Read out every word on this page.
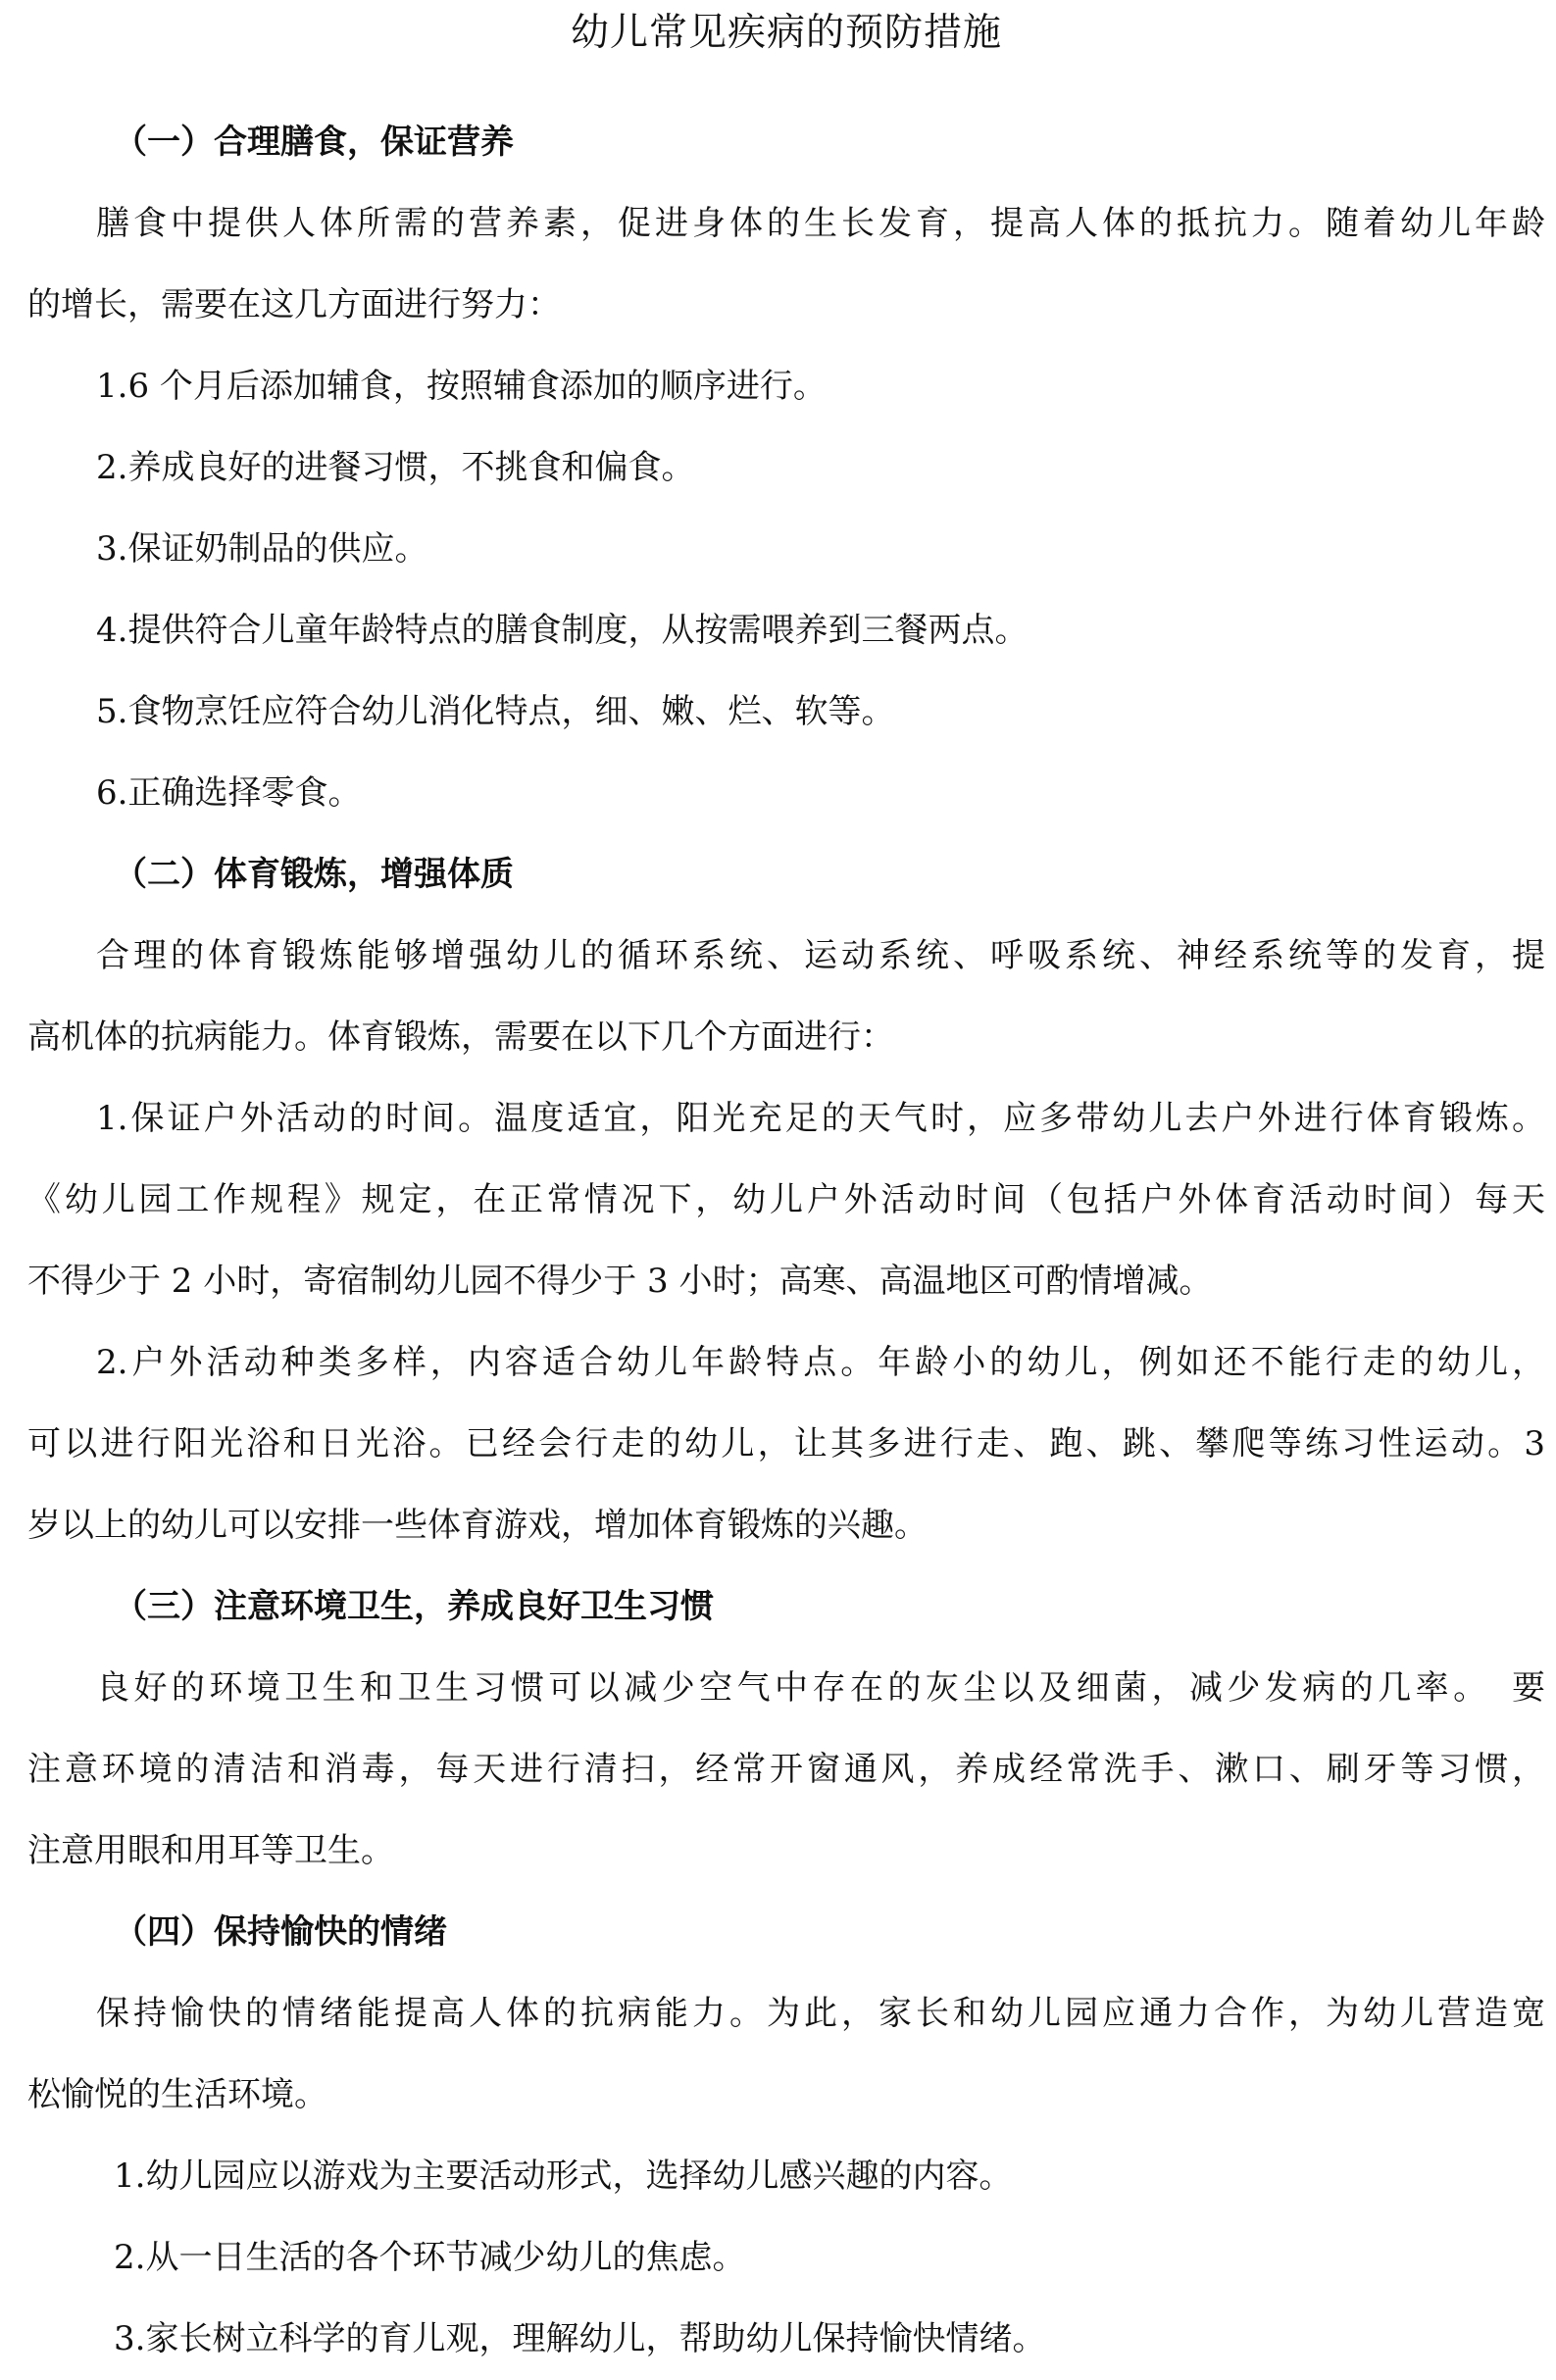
幼儿常见疾病的预防措施

（一）合理膳食，保证营养

膳食中提供人体所需的营养素，促进身体的生长发育，提高人体的抵抗力。随着幼儿年龄

的增长，需要在这几方面进行努力：

1.6 个月后添加辅食，按照辅食添加的顺序进行。

2.养成良好的进餐习惯，不挑食和偏食。

3.保证奶制品的供应。

4.提供符合儿童年龄特点的膳食制度，从按需喂养到三餐两点。

5.食物烹饪应符合幼儿消化特点，细、嫩、烂、软等。

6.正确选择零食。

（二）体育锻炼，增强体质

合理的体育锻炼能够增强幼儿的循环系统、运动系统、呼吸系统、神经系统等的发育，提

高机体的抗病能力。体育锻炼，需要在以下几个方面进行：

1.保证户外活动的时间。温度适宜，阳光充足的天气时，应多带幼儿去户外进行体育锻炼。

《幼儿园工作规程》规定，在正常情况下，幼儿户外活动时间（包括户外体育活动时间）每天

不得少于 2 小时，寄宿制幼儿园不得少于 3 小时；高寒、高温地区可酌情增减。

2.户外活动种类多样，内容适合幼儿年龄特点。年龄小的幼儿，例如还不能行走的幼儿，

可以进行阳光浴和日光浴。已经会行走的幼儿，让其多进行走、跑、跳、攀爬等练习性运动。3

岁以上的幼儿可以安排一些体育游戏，增加体育锻炼的兴趣。

（三）注意环境卫生，养成良好卫生习惯

良好的环境卫生和卫生习惯可以减少空气中存在的灰尘以及细菌，减少发病的几率。　要

注意环境的清洁和消毒，每天进行清扫，经常开窗通风，养成经常洗手、漱口、刷牙等习惯，

注意用眼和用耳等卫生。

（四）保持愉快的情绪

保持愉快的情绪能提高人体的抗病能力。为此，家长和幼儿园应通力合作，为幼儿营造宽

松愉悦的生活环境。

1.幼儿园应以游戏为主要活动形式，选择幼儿感兴趣的内容。

2.从一日生活的各个环节减少幼儿的焦虑。

3.家长树立科学的育儿观，理解幼儿，帮助幼儿保持愉快情绪。
